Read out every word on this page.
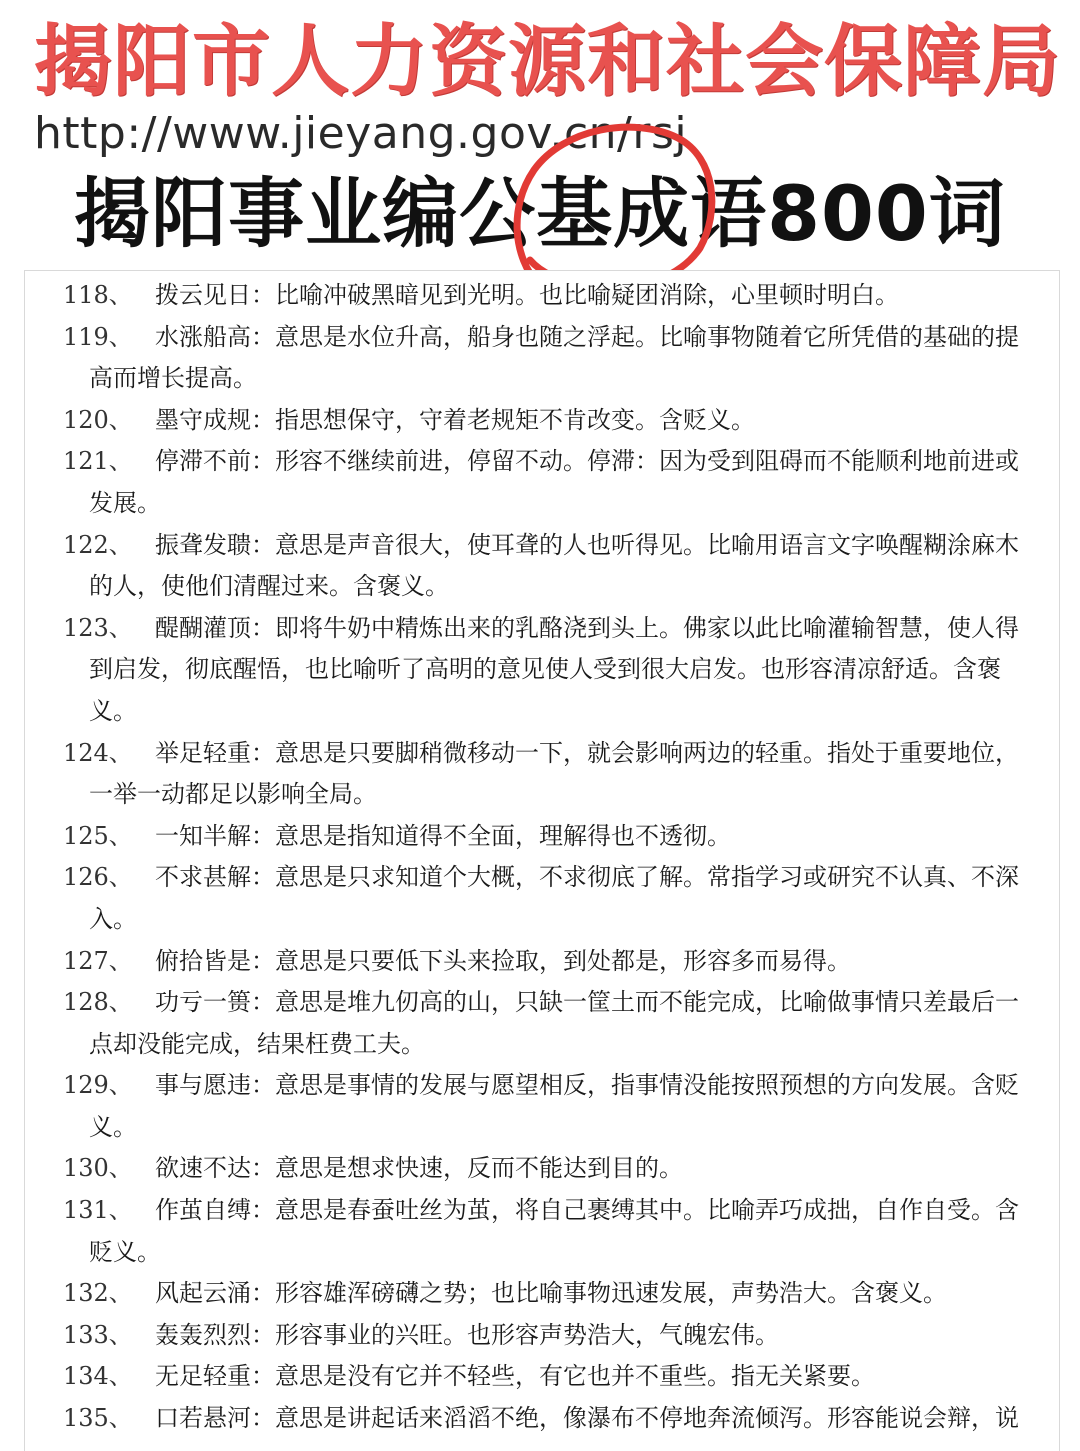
揭阳市人力资源和社会保障局
http://www.jieyang.gov.cn/rsj
揭阳事业编公基成语800词
118、 拨云见日：比喻冲破黑暗见到光明。也比喻疑团消除，心里顿时明白。
119、 水涨船高：意思是水位升高，船身也随之浮起。比喻事物随着它所凭借的基础的提
高而增长提高。
120、 墨守成规：指思想保守，守着老规矩不肯改变。含贬义。
121、 停滞不前：形容不继续前进，停留不动。停滞：因为受到阻碍而不能顺利地前进或
发展。
122、 振聋发聩：意思是声音很大，使耳聋的人也听得见。比喻用语言文字唤醒糊涂麻木
的人，使他们清醒过来。含褒义。
123、 醍醐灌顶：即将牛奶中精炼出来的乳酪浇到头上。佛家以此比喻灌输智慧，使人得
到启发，彻底醒悟，也比喻听了高明的意见使人受到很大启发。也形容清凉舒适。含褒
义。
124、 举足轻重：意思是只要脚稍微移动一下，就会影响两边的轻重。指处于重要地位，
一举一动都足以影响全局。
125、 一知半解：意思是指知道得不全面，理解得也不透彻。
126、 不求甚解：意思是只求知道个大概，不求彻底了解。常指学习或研究不认真、不深
入。
127、 俯拾皆是：意思是只要低下头来捡取，到处都是，形容多而易得。
128、 功亏一篑：意思是堆九仞高的山，只缺一筐土而不能完成，比喻做事情只差最后一
点却没能完成，结果枉费工夫。
129、 事与愿违：意思是事情的发展与愿望相反，指事情没能按照预想的方向发展。含贬
义。
130、 欲速不达：意思是想求快速，反而不能达到目的。
131、 作茧自缚：意思是春蚕吐丝为茧，将自己裹缚其中。比喻弄巧成拙，自作自受。含
贬义。
132、 风起云涌：形容雄浑磅礴之势；也比喻事物迅速发展，声势浩大。含褒义。
133、 轰轰烈烈：形容事业的兴旺。也形容声势浩大，气魄宏伟。
134、 无足轻重：意思是没有它并不轻些，有它也并不重些。指无关紧要。
135、 口若悬河：意思是讲起话来滔滔不绝，像瀑布不停地奔流倾泻。形容能说会辩，说
